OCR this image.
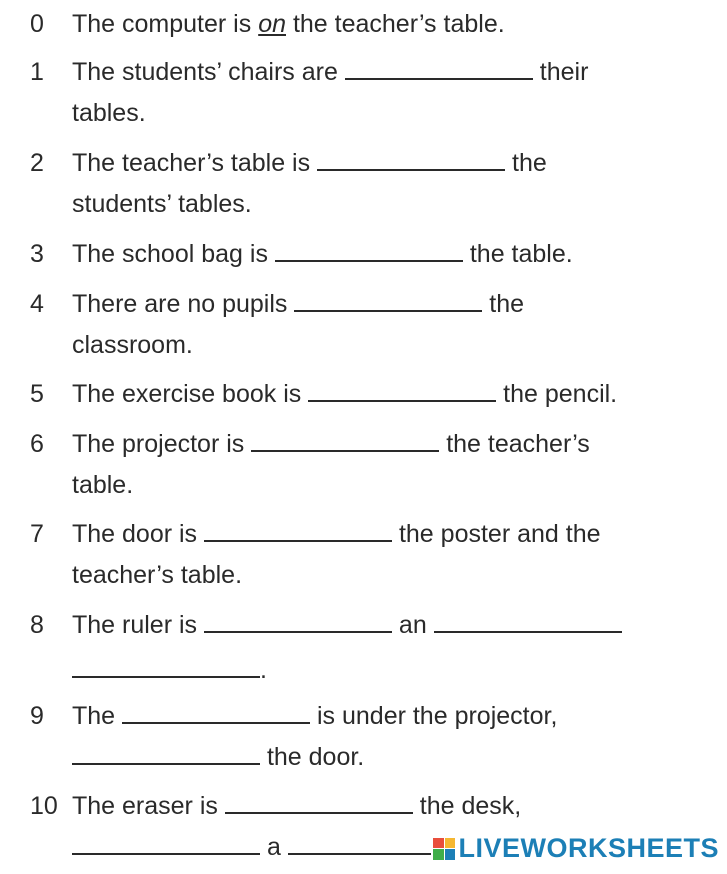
0 The computer is on the teacher’s table.
1 The students’ chairs are	their
tables.
2 The teacher’s table is	the
students’ tables.
3 The school bag is	the table.
4 There are no pupils	the
classroom.
5 The exercise book is	the pencil.
6 The projector is	the teacher’s
table.
7 The door is	the poster and the
teacher’s table.
8 The ruler is	an
.
9 The	is under the projector,
the door.
10 The eraser is	the desk,
a	LIVEWORKSHEETS
